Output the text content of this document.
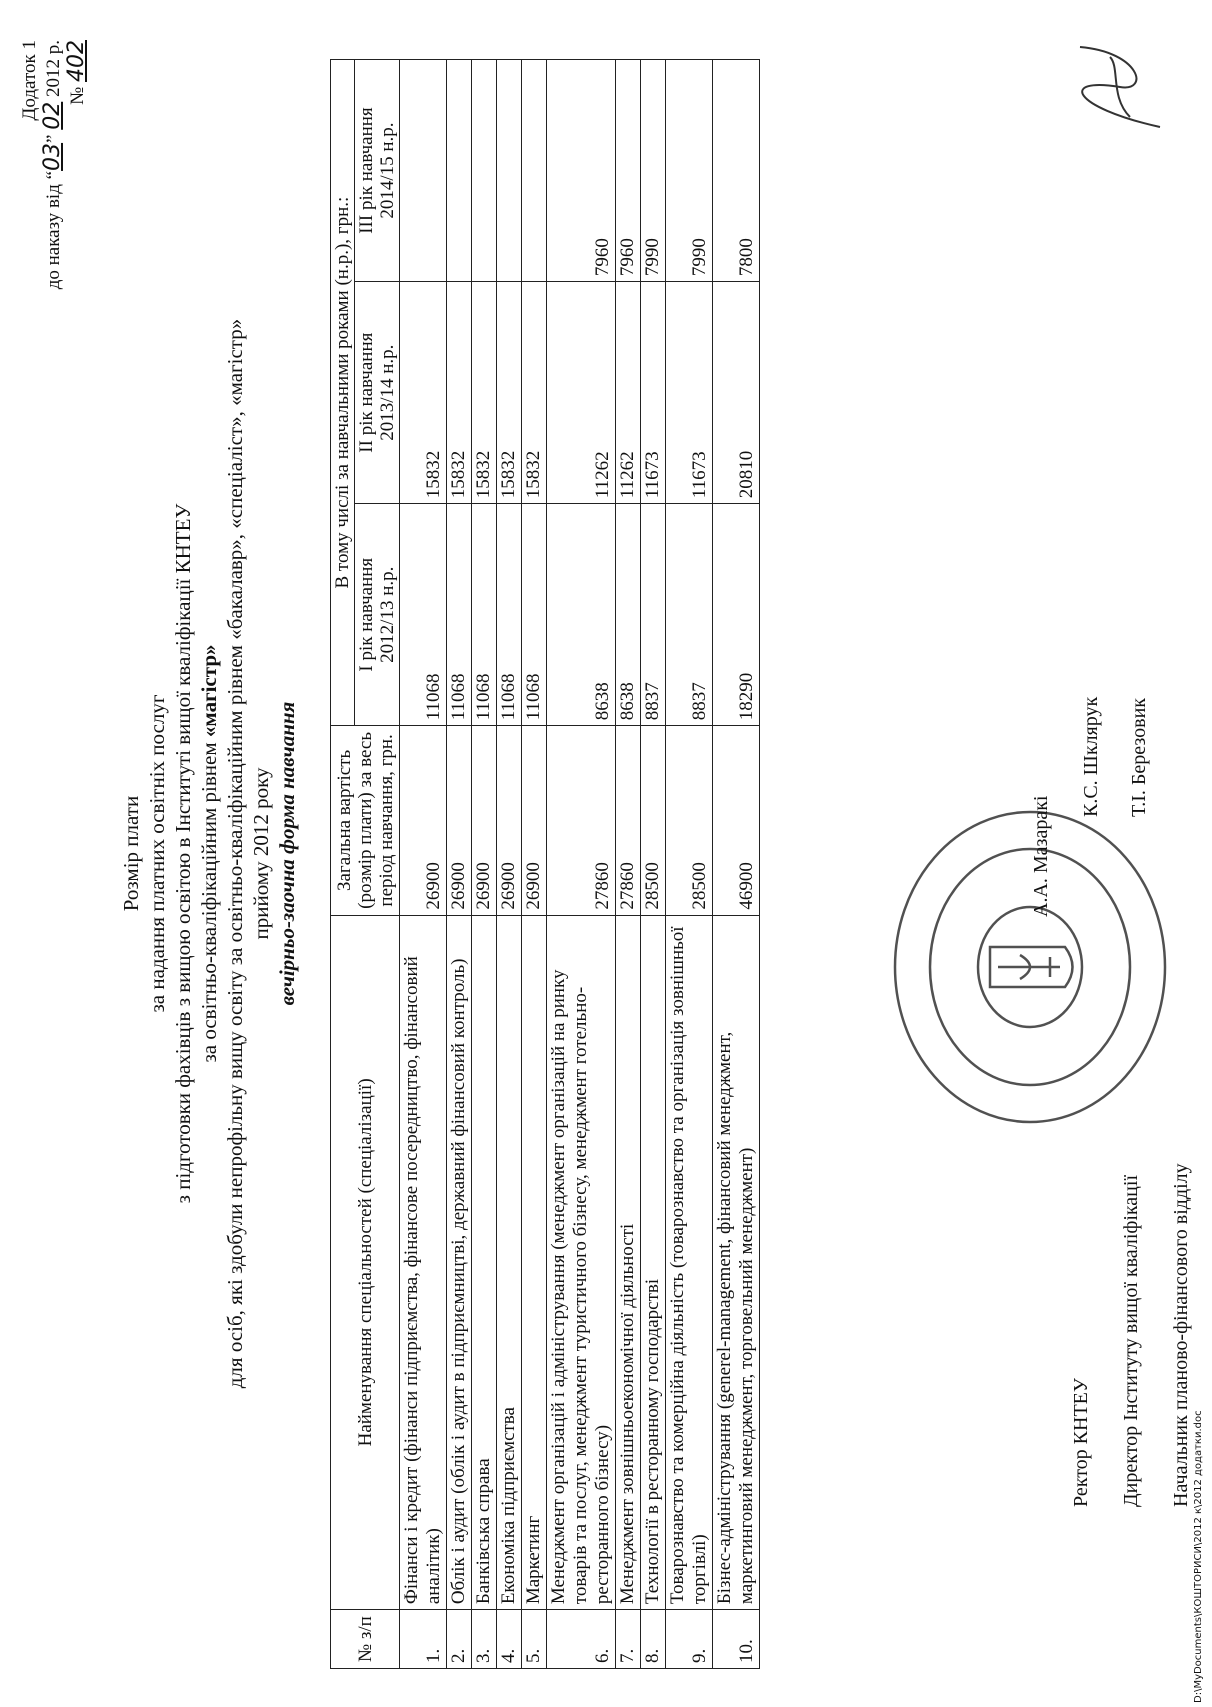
Додаток 1
до наказу від “03” 02 2012 р. № 402
Розмір плати за надання платних освітніх послуг з підготовки фахівців з вищою освітою в Інституті вищої кваліфікації КНТЕУ за освітньо-кваліфікаційним рівнем «магістр» для осіб, які здобули непрофільну вищу освіту за освітньо-кваліфікаційним рівнем «бакалавр», «спеціаліст», «магістр» прийому 2012 року вечірньо-заочна форма навчання
№ з/п	Найменування спеціальностей (спеціалізації)	Загальна вартість (розмір плати) за весь період навчання, грн.	В тому числі за навчальними роками (н.р.), грн.:		
			І рік навчання
2012/13 н.р.	ІІ рік навчання
2013/14 н.р.	ІІІ рік навчання
2014/15 н.р.
1.	Фінанси і кредит (фінанси підприємства, фінансове посередництво, фінансовий аналітик)	26900	11068	15832	
2.	Облік і аудит (облік і аудит в підприємництві, державний фінансовий контроль)	26900	11068	15832	
3.	Банківська справа	26900	11068	15832	
4.	Економіка підприємства	26900	11068	15832	
5.	Маркетинг	26900	11068	15832	
6.	Менеджмент організацій і адміністрування (менеджмент організацій на ринку товарів та послуг, менеджмент туристичного бізнесу, менеджмент готельно-ресторанного бізнесу)	27860	8638	11262	7960
7.	Менеджмент зовнішньоекономічної діяльності	27860	8638	11262	7960
8.	Технології в ресторанному господарстві	28500	8837	11673	7990
9.	Товарознавство та комерційна діяльність (товарознавство та організація зовнішньої торгівлі)	28500	8837	11673	7990
10.	Бізнес-адміністрування (generel-management, фінансовий менеджмент, маркетинговий менеджмент, торговельний менеджмент)	46900	18290	20810	7800
Ректор КНТЕУ
А.А. Мазаракі
Директор Інституту вищої кваліфікації
К.С. Шклярук
Начальник планово-фінансового відділу
Т.І. Березовик
D:\MyDocuments\КОШТОРИСИ\2012 к\2012 додатки.doc
